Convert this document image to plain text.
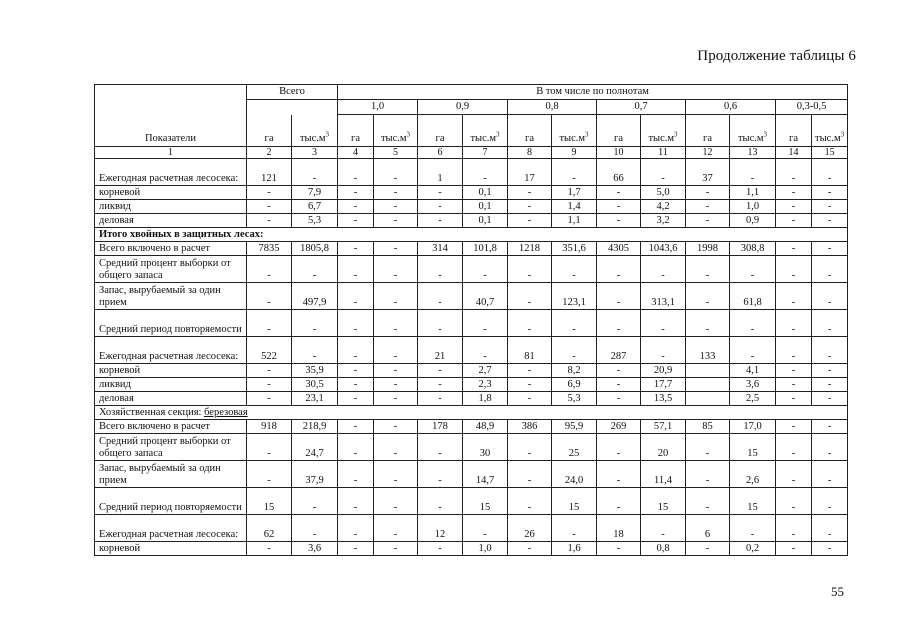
Продолжение таблицы 6
Показатели	Всего		В том числе по полнотам											
			1,0		0,9		0,8		0,7		0,6		0,3-0,5	
	га	$тыс.м^3$	га	$тыс.м^3$	га	$тыс.м^3$	га	$тыс.м^3$	га	$тыс.м^3$	га	$тыс.м^3$	га	$тыс.м^3$
1	2	3	4	5	6	7	8	9	10	11	12	13	14	15
Ежегодная расчетная лесосека:	121	-	-	-	1	-	17	-	66	-	37	-	-	-
корневой	-	7,9	-	-	-	0,1	-	1,7	-	5,0	-	1,1	-	-
ликвид	-	6,7	-	-	-	0,1	-	1,4	-	4,2	-	1,0	-	-
деловая	-	5,3	-	-	-	0,1	-	1,1	-	3,2	-	0,9	-	-
Итого хвойных в защитных лесах:														
Всего включено в расчет	7835	1805,8	-	-	314	101,8	1218	351,6	4305	1043,6	1998	308,8	-	-
Средний процент выборки от общего запаса	-	-	-	-	-	-	-	-	-	-	-	-	-	-
Запас, вырубаемый за один прием	-	497,9	-	-	-	40,7	-	123,1	-	313,1	-	61,8	-	-
Средний период повторяемости	-	-	-	-	-	-	-	-	-	-	-	-	-	-
Ежегодная расчетная лесосека:	522	-	-	-	21	-	81	-	287	-	133	-	-	-
корневой	-	35,9	-	-	-	2,7	-	8,2	-	20,9		4,1	-	-
ликвид	-	30,5	-	-	-	2,3	-	6,9	-	17,7		3,6	-	-
деловая	-	23,1	-	-	-	1,8	-	5,3	-	13,5		2,5	-	-
Хозяйственная секция: березовая														
Всего включено в расчет	918	218,9	-	-	178	48,9	386	95,9	269	57,1	85	17,0	-	-
Средний процент выборки от общего запаса	-	24,7	-	-	-	30	-	25	-	20	-	15	-	-
Запас, вырубаемый за один прием	-	37,9	-	-	-	14,7	-	24,0	-	11,4	-	2,6	-	-
Средний период повторяемости	15	-	-	-	-	15	-	15	-	15	-	15	-	-
Ежегодная расчетная лесосека:	62	-	-	-	12	-	26	-	18	-	6	-	-	-
корневой	-	3,6	-	-	-	1,0	-	1,6	-	0,8	-	0,2	-	-
55
